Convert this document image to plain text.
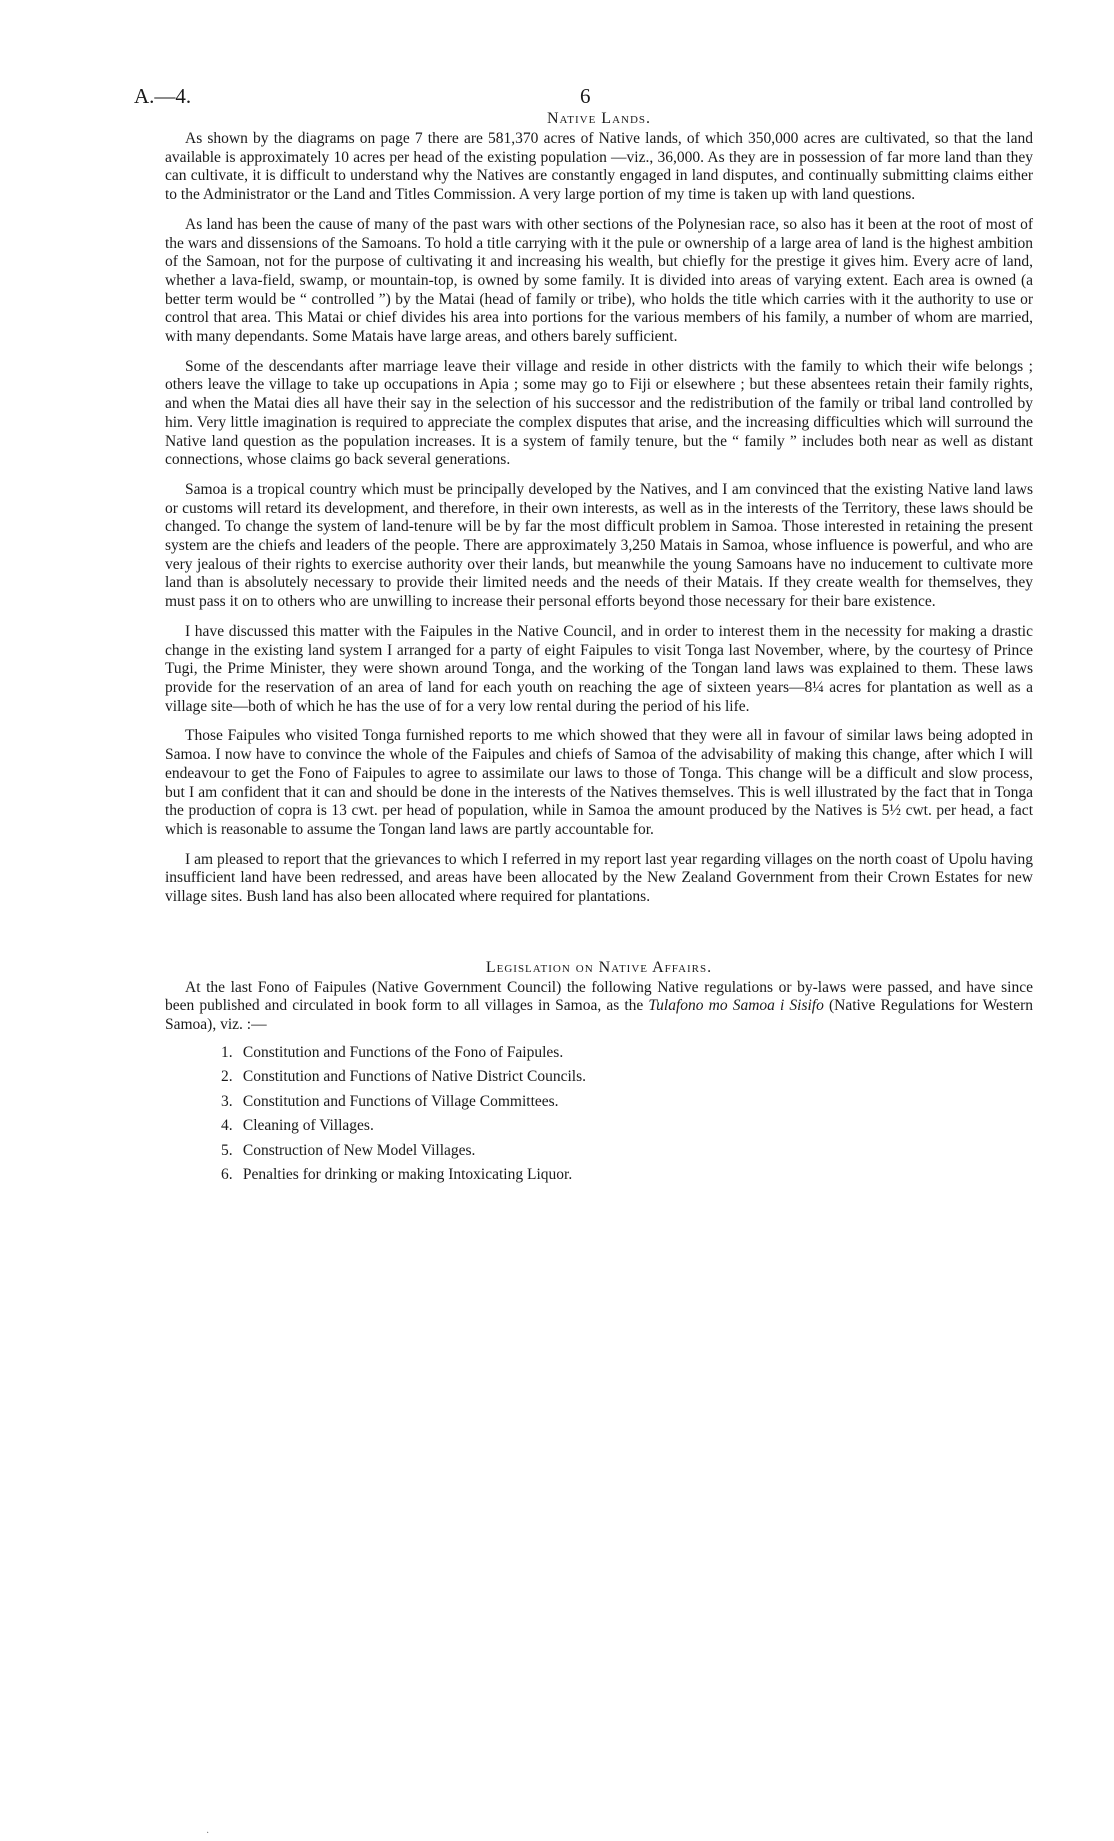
A.—4.	6
Native Lands.

As shown by the diagrams on page 7 there are 581,370 acres of Native lands, of which 350,000 acres are cultivated, so that the land available is approximately 10 acres per head of the existing population —viz., 36,000. As they are in possession of far more land than they can cultivate, it is difficult to understand why the Natives are constantly engaged in land disputes, and continually submitting claims either to the Administrator or the Land and Titles Commission. A very large portion of my time is taken up with land questions.

As land has been the cause of many of the past wars with other sections of the Polynesian race, so also has it been at the root of most of the wars and dissensions of the Samoans. To hold a title carrying with it the pule or ownership of a large area of land is the highest ambition of the Samoan, not for the purpose of cultivating it and increasing his wealth, but chiefly for the prestige it gives him. Every acre of land, whether a lava-field, swamp, or mountain-top, is owned by some family. It is divided into areas of varying extent. Each area is owned (a better term would be “ controlled ”) by the Matai (head of family or tribe), who holds the title which carries with it the authority to use or control that area. This Matai or chief divides his area into portions for the various members of his family, a number of whom are married, with many dependants. Some Matais have large areas, and others barely sufficient.

Some of the descendants after marriage leave their village and reside in other districts with the family to which their wife belongs ; others leave the village to take up occupations in Apia ; some may go to Fiji or elsewhere ; but these absentees retain their family rights, and when the Matai dies all have their say in the selection of his successor and the redistribution of the family or tribal land controlled by him. Very little imagination is required to appreciate the complex disputes that arise, and the increasing difficulties which will surround the Native land question as the population increases. It is a system of family tenure, but the “ family ” includes both near as well as distant connections, whose claims go back several generations.

Samoa is a tropical country which must be principally developed by the Natives, and I am convinced that the existing Native land laws or customs will retard its development, and therefore, in their own interests, as well as in the interests of the Territory, these laws should be changed. To change the system of land-tenure will be by far the most difficult problem in Samoa. Those interested in retaining the present system are the chiefs and leaders of the people. There are approximately 3,250 Matais in Samoa, whose influence is powerful, and who are very jealous of their rights to exercise authority over their lands, but meanwhile the young Samoans have no inducement to cultivate more land than is absolutely necessary to provide their limited needs and the needs of their Matais. If they create wealth for themselves, they must pass it on to others who are unwilling to increase their personal efforts beyond those necessary for their bare existence.

I have discussed this matter with the Faipules in the Native Council, and in order to interest them in the necessity for making a drastic change in the existing land system I arranged for a party of eight Faipules to visit Tonga last November, where, by the courtesy of Prince Tugi, the Prime Minister, they were shown around Tonga, and the working of the Tongan land laws was explained to them. These laws provide for the reservation of an area of land for each youth on reaching the age of sixteen years—8¼ acres for plantation as well as a village site—both of which he has the use of for a very low rental during the period of his life.

Those Faipules who visited Tonga furnished reports to me which showed that they were all in favour of similar laws being adopted in Samoa. I now have to convince the whole of the Faipules and chiefs of Samoa of the advisability of making this change, after which I will endeavour to get the Fono of Faipules to agree to assimilate our laws to those of Tonga. This change will be a difficult and slow process, but I am confident that it can and should be done in the interests of the Natives themselves. This is well illustrated by the fact that in Tonga the production of copra is 13 cwt. per head of population, while in Samoa the amount produced by the Natives is 5½ cwt. per head, a fact which is reasonable to assume the Tongan land laws are partly accountable for.

I am pleased to report that the grievances to which I referred in my report last year regarding villages on the north coast of Upolu having insufficient land have been redressed, and areas have been allocated by the New Zealand Government from their Crown Estates for new village sites. Bush land has also been allocated where required for plantations.

Legislation on Native Affairs.

At the last Fono of Faipules (Native Government Council) the following Native regulations or by-laws were passed, and have since been published and circulated in book form to all villages in Samoa, as the Tulafono mo Samoa i Sisifo (Native Regulations for Western Samoa), viz. :—

1. Constitution and Functions of the Fono of Faipules.
2. Constitution and Functions of Native District Councils.
3. Constitution and Functions of Village Committees.
4. Cleaning of Villages.
5. Construction of New Model Villages.
6. Penalties for drinking or making Intoxicating Liquor.
·
